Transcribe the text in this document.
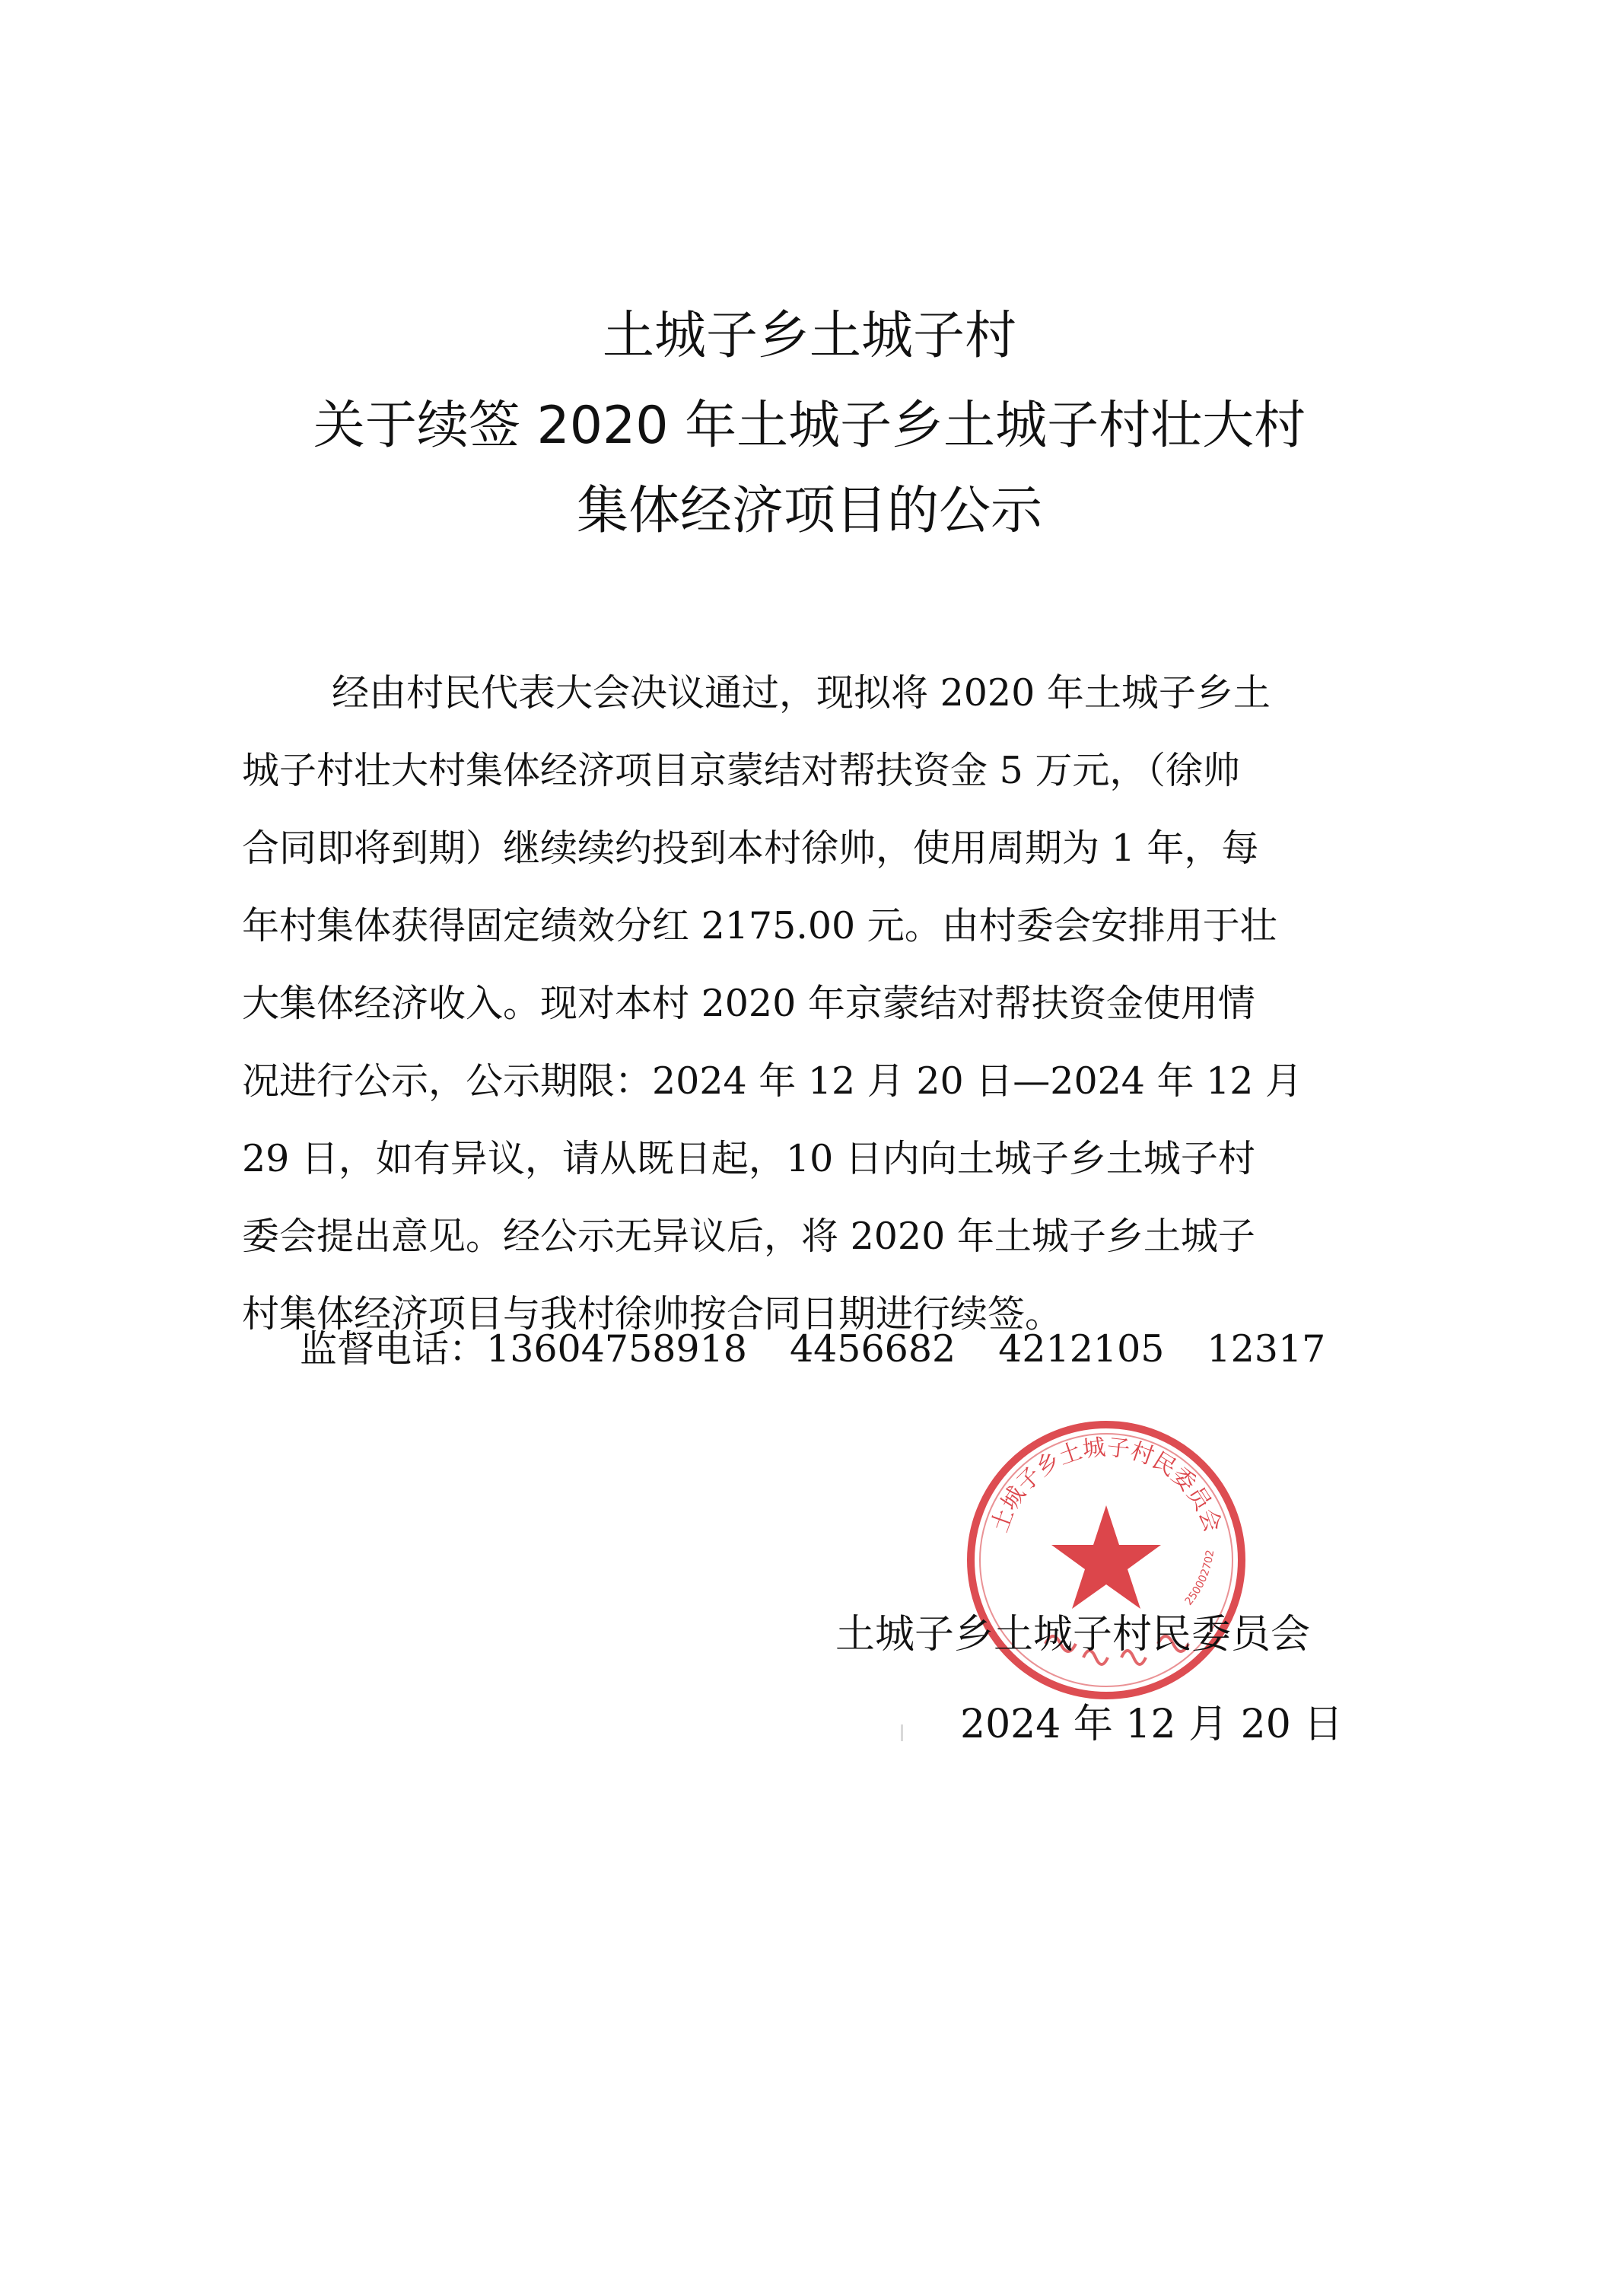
土城子乡土城子村
关于续签 2020 年土城子乡土城子村壮大村
集体经济项目的公示
经由村民代表大会决议通过，现拟将 2020 年土城子乡土
城子村壮大村集体经济项目京蒙结对帮扶资金 5 万元，（徐帅
合同即将到期）继续续约投到本村徐帅，使用周期为 1 年，每
年村集体获得固定绩效分红 2175.00 元。由村委会安排用于壮
大集体经济收入。现对本村 2020 年京蒙结对帮扶资金使用情
况进行公示，公示期限：2024 年 12 月 20 日—2024 年 12 月
29 日，如有异议，请从既日起，10 日内向土城子乡土城子村
委会提出意见。经公示无异议后，将 2020 年土城子乡土城子
村集体经济项目与我村徐帅按合同日期进行续签。
监督电话：13604758918 4456682 4212105 12317
土城子乡土城子村民委员会
250002702
土城子乡土城子村民委员会
2024 年 12 月 20 日
